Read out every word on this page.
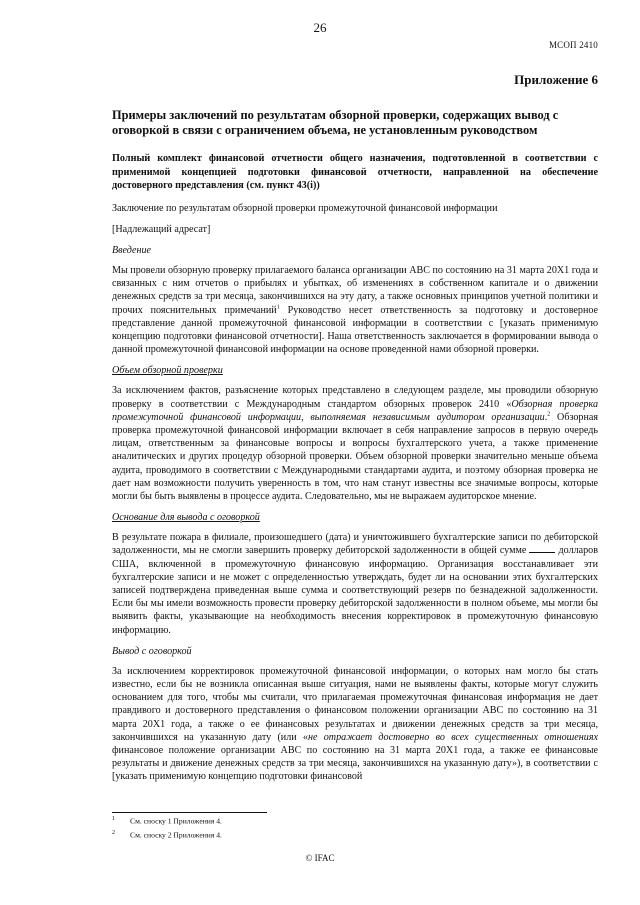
26
МСОП 2410
Приложение 6
Примеры заключений по результатам обзорной проверки, содержащих вывод с оговоркой в связи с ограничением объема, не установленным руководством
Полный комплект финансовой отчетности общего назначения, подготовленной в соответствии с применимой концепцией подготовки финансовой отчетности, направленной на обеспечение достоверного представления (см. пункт 43(i))
Заключение по результатам обзорной проверки промежуточной финансовой информации
[Надлежащий адресат]
Введение
Мы провели обзорную проверку прилагаемого баланса организации АВС по состоянию на 31 марта 20X1 года и связанных с ним отчетов о прибылях и убытках, об изменениях в собственном капитале и о движении денежных средств за три месяца, закончившихся на эту дату, а также основных принципов учетной политики и прочих пояснительных примечаний$^1$ Руководство несет ответственность за подготовку и достоверное представление данной промежуточной финансовой информации в соответствии с [указать применимую концепцию подготовки финансовой отчетности]. Наша ответственность заключается в формировании вывода о данной промежуточной финансовой информации на основе проведенной нами обзорной проверки.
Объем обзорной проверки
За исключением фактов, разъяснение которых представлено в следующем разделе, мы проводили обзорную проверку в соответствии с Международным стандартом обзорных проверок 2410 «Обзорная проверка промежуточной финансовой информации, выполняемая независимым аудитором организации.$^2$ Обзорная проверка промежуточной финансовой информации включает в себя направление запросов в первую очередь лицам, ответственным за финансовые вопросы и вопросы бухгалтерского учета, а также применение аналитических и других процедур обзорной проверки. Объем обзорной проверки значительно меньше объема аудита, проводимого в соответствии с Международными стандартами аудита, и поэтому обзорная проверка не дает нам возможности получить уверенность в том, что нам станут известны все значимые вопросы, которые могли бы быть выявлены в процессе аудита. Следовательно, мы не выражаем аудиторское мнение.
Основание для вывода с оговоркой
В результате пожара в филиале, произошедшего (дата) и уничтожившего бухгалтерские записи по дебиторской задолженности, мы не смогли завершить проверку дебиторской задолженности в общей сумме	долларов США, включенной в промежуточную финансовую информацию. Организация восстанавливает эти бухгалтерские записи и не может с определенностью утверждать, будет ли на основании этих бухгалтерских записей подтверждена приведенная выше сумма и соответствующий резерв по безнадежной задолженности. Если бы мы имели возможность провести проверку дебиторской задолженности в полном объеме, мы могли бы выявить факты, указывающие на необходимость внесения корректировок в промежуточную финансовую информацию.
Вывод с оговоркой
За исключением корректировок промежуточной финансовой информации, о которых нам могло бы стать известно, если бы не возникла описанная выше ситуация, нами не выявлены факты, которые могут служить основанием для того, чтобы мы считали, что прилагаемая промежуточная финансовая информация не дает правдивого и достоверного представления о финансовом положении организации АВС по состоянию на 31 марта 20X1 года, а также о ее финансовых результатах и движении денежных средств за три месяца, закончившихся на указанную дату (или «не отражает достоверно во всех существенных отношениях финансовое положение организации АВС по состоянию на 31 марта 20X1 года, а также ее финансовые результаты и движение денежных средств за три месяца, закончившихся на указанную дату»), в соответствии с [указать применимую концепцию подготовки финансовой
1 См. сноску 1 Приложения 4.
2 См. сноску 2 Приложения 4.
© IFAC
